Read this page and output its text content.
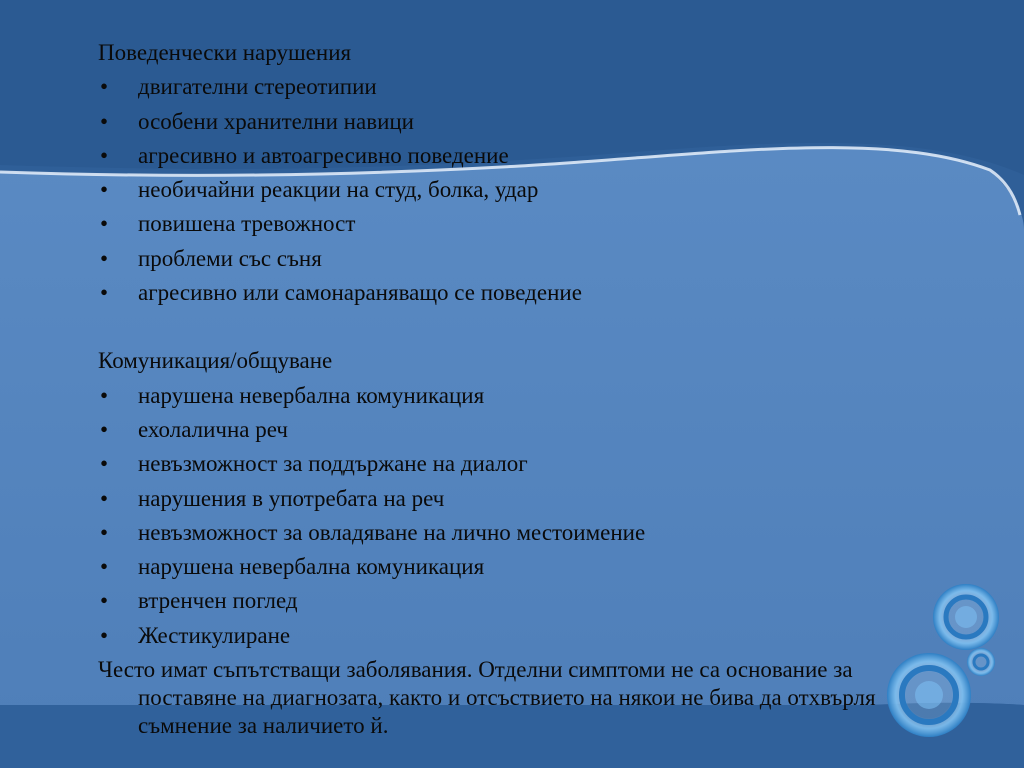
Поведенчески нарушения

• двигателни стереотипии
• особени хранителни навици
• агресивно и автоагресивно поведение
• необичайни реакции на студ, болка, удар
• повишена тревожност
• проблеми със съня
• агресивно или самонараняващо се поведение

Комуникация/общуване

• нарушена невербална комуникация
• ехолалична реч
• невъзможност за поддържане на диалог
• нарушения в употребата на реч
• невъзможност за овладяване на лично местоимение
• нарушена невербална комуникация
• втренчен поглед
• Жестикулиране

Често имат съпътстващи заболявания. Отделни симптоми не са основание за поставяне на диагнозата, както и отсъствието на някои не бива да отхвърля съмнение за наличието й.
